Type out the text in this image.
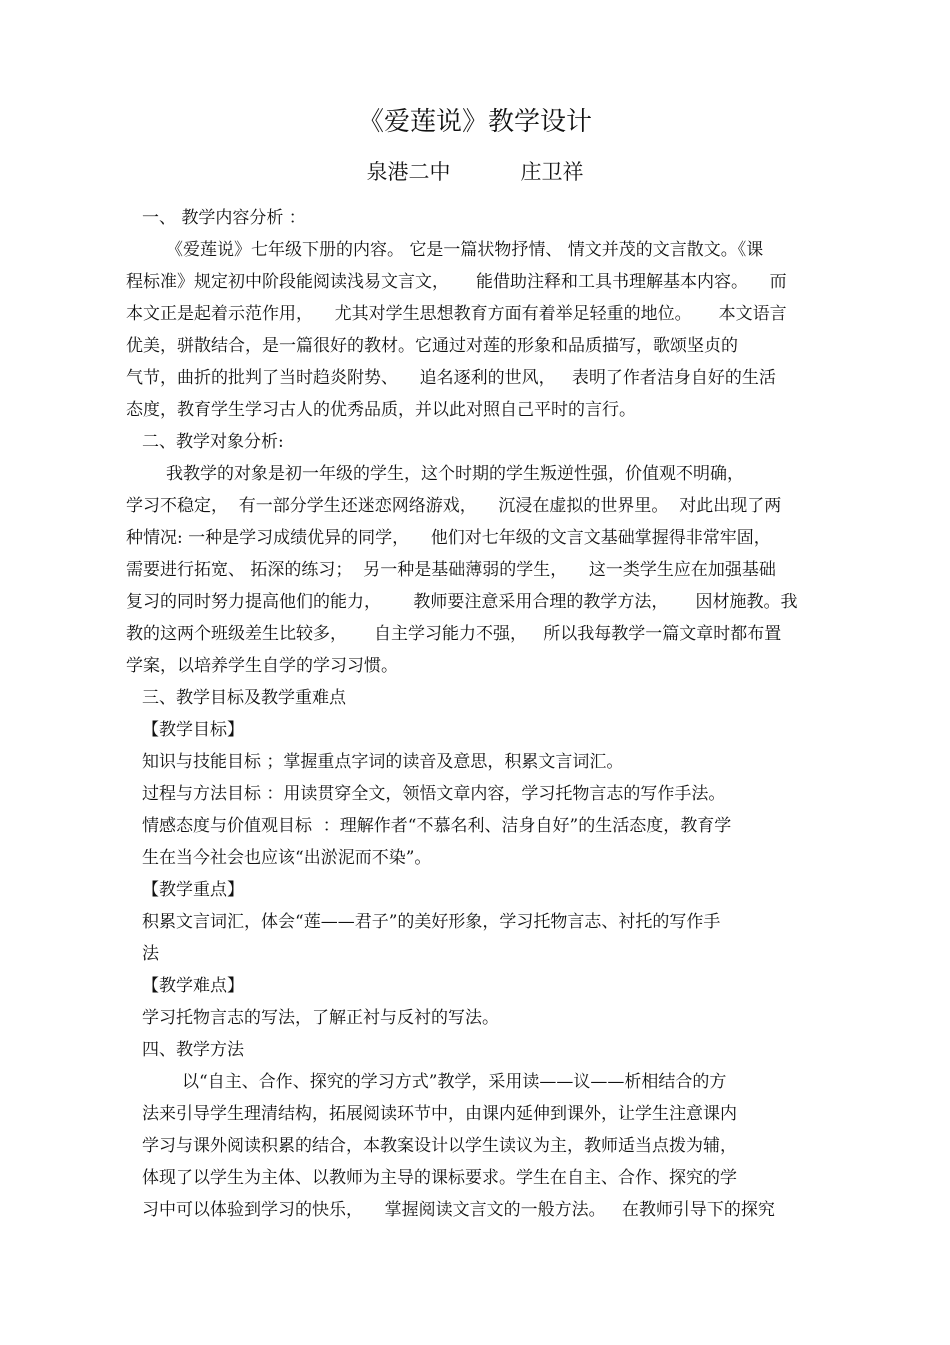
《爱莲说》教学设计
泉港二中	庄卫祥
一、 教学内容分析 ：
《爱莲说》七年级下册的内容。 它是一篇状物抒情、 情文并茂的文言散文。《课
程标准》规定初中阶段能阅读浅易文言文，     能借助注释和工具书理解基本内容。    而
本文正是起着示范作用，    尤其对学生思想教育方面有着举足轻重的地位。     本文语言
优美，骈散结合，是一篇很好的教材。它通过对莲的形象和品质描写，歌颂坚贞的
气节，曲折的批判了当时趋炎附势、    追名逐利的世风，   表明了作者洁身自好的生活
态度，教育学生学习古人的优秀品质，并以此对照自己平时的言行。
二、教学对象分析:
我教学的对象是初一年级的学生，这个时期的学生叛逆性强，价值观不明确，
学习不稳定，  有一部分学生还迷恋网络游戏，    沉浸在虚拟的世界里。  对此出现了两
种情况: 一种是学习成绩优异的同学，    他们对七年级的文言文基础掌握得非常牢固，
需要进行拓宽、 拓深的练习；  另一种是基础薄弱的学生，    这一类学生应在加强基础
复习的同时努力提高他们的能力，      教师要注意采用合理的教学方法，     因材施教。我
教的这两个班级差生比较多，     自主学习能力不强，   所以我每教学一篇文章时都布置
学案，以培养学生自学的学习习惯。
三、教学目标及教学重难点
【教学目标】
知识与技能目标 ；掌握重点字词的读音及意思，积累文言词汇。
过程与方法目标 ：用读贯穿全文，领悟文章内容，学习托物言志的写作手法。
情感态度与价值观目标  ：理解作者“不慕名利、洁身自好”的生活态度，教育学
生在当今社会也应该“出淤泥而不染”。
【教学重点】
积累文言词汇，体会“莲——君子”的美好形象，学习托物言志、衬托的写作手
法
【教学难点】
学习托物言志的写法，了解正衬与反衬的写法。
四、教学方法
以“自主、合作、探究的学习方式”教学，采用读——议——析相结合的方
法来引导学生理清结构，拓展阅读环节中，由课内延伸到课外，让学生注意课内
学习与课外阅读积累的结合，本教案设计以学生读议为主，教师适当点拨为辅，
体现了以学生为主体、以教师为主导的课标要求。学生在自主、合作、探究的学
习中可以体验到学习的快乐，    掌握阅读文言文的一般方法。   在教师引导下的探究
